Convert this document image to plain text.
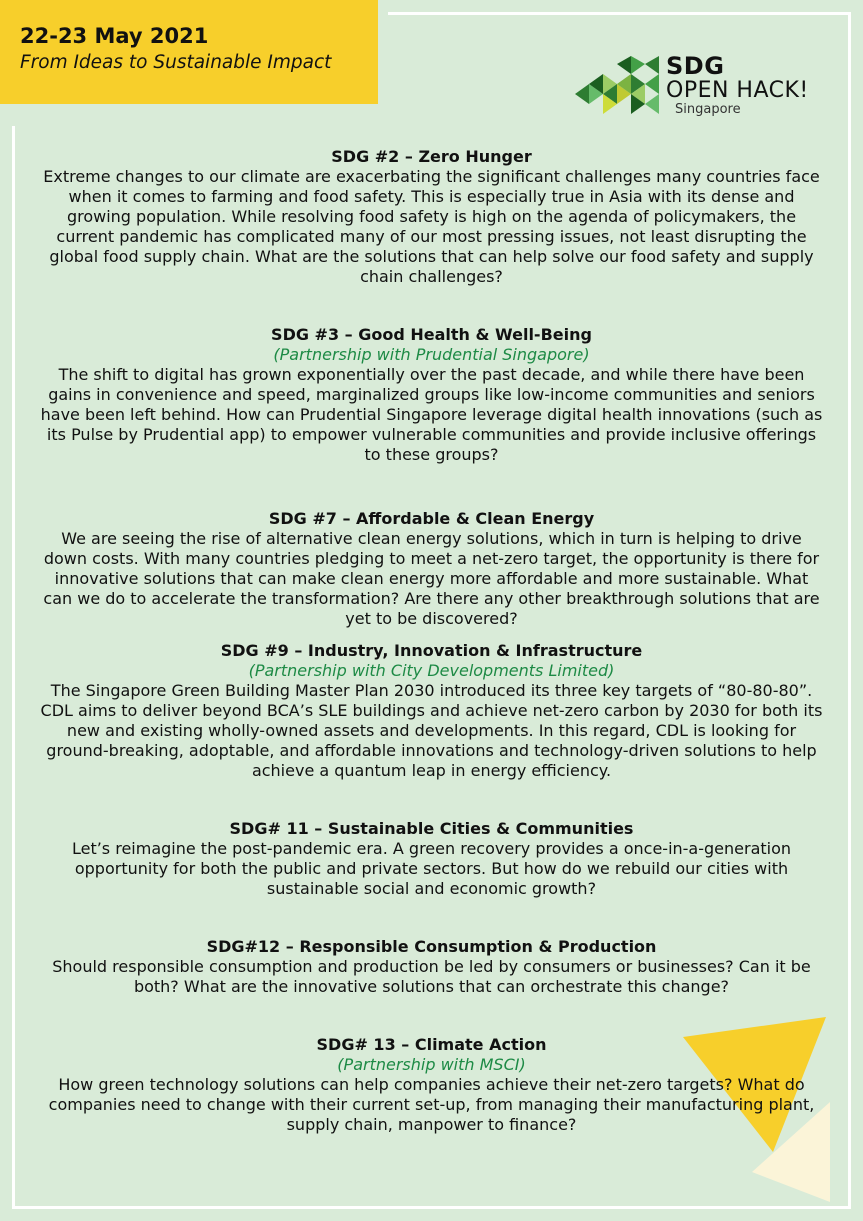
22-23 May 2021
From Ideas to Sustainable Impact	SDG
OPEN HACK!
Singapore
SDG #2 – Zero Hunger
Extreme changes to our climate are exacerbating the significant challenges many countries face when it comes to farming and food safety. This is especially true in Asia with its dense and growing population. While resolving food safety is high on the agenda of policymakers, the current pandemic has complicated many of our most pressing issues, not least disrupting the global food supply chain. What are the solutions that can help solve our food safety and supply chain challenges?
SDG #3 – Good Health & Well-Being
(Partnership with Prudential Singapore)
The shift to digital has grown exponentially over the past decade, and while there have been gains in convenience and speed, marginalized groups like low-income communities and seniors have been left behind. How can Prudential Singapore leverage digital health innovations (such as its Pulse by Prudential app) to empower vulnerable communities and provide inclusive offerings to these groups?
SDG #7 – Affordable & Clean Energy
We are seeing the rise of alternative clean energy solutions, which in turn is helping to drive down costs. With many countries pledging to meet a net-zero target, the opportunity is there for innovative solutions that can make clean energy more affordable and more sustainable. What can we do to accelerate the transformation? Are there any other breakthrough solutions that are yet to be discovered?
SDG #9 – Industry, Innovation & Infrastructure
(Partnership with City Developments Limited)
The Singapore Green Building Master Plan 2030 introduced its three key targets of “80-80-80”. CDL aims to deliver beyond BCA’s SLE buildings and achieve net-zero carbon by 2030 for both its new and existing wholly-owned assets and developments. In this regard, CDL is looking for ground-breaking, adoptable, and affordable innovations and technology-driven solutions to help achieve a quantum leap in energy efficiency.
SDG# 11 – Sustainable Cities & Communities
Let’s reimagine the post-pandemic era. A green recovery provides a once-in-a-generation opportunity for both the public and private sectors. But how do we rebuild our cities with sustainable social and economic growth?
SDG#12 – Responsible Consumption & Production
Should responsible consumption and production be led by consumers or businesses? Can it be both? What are the innovative solutions that can orchestrate this change?
SDG# 13 – Climate Action
(Partnership with MSCI)
How green technology solutions can help companies achieve their net-zero targets? What do companies need to change with their current set-up, from managing their manufacturing plant, supply chain, manpower to finance?
